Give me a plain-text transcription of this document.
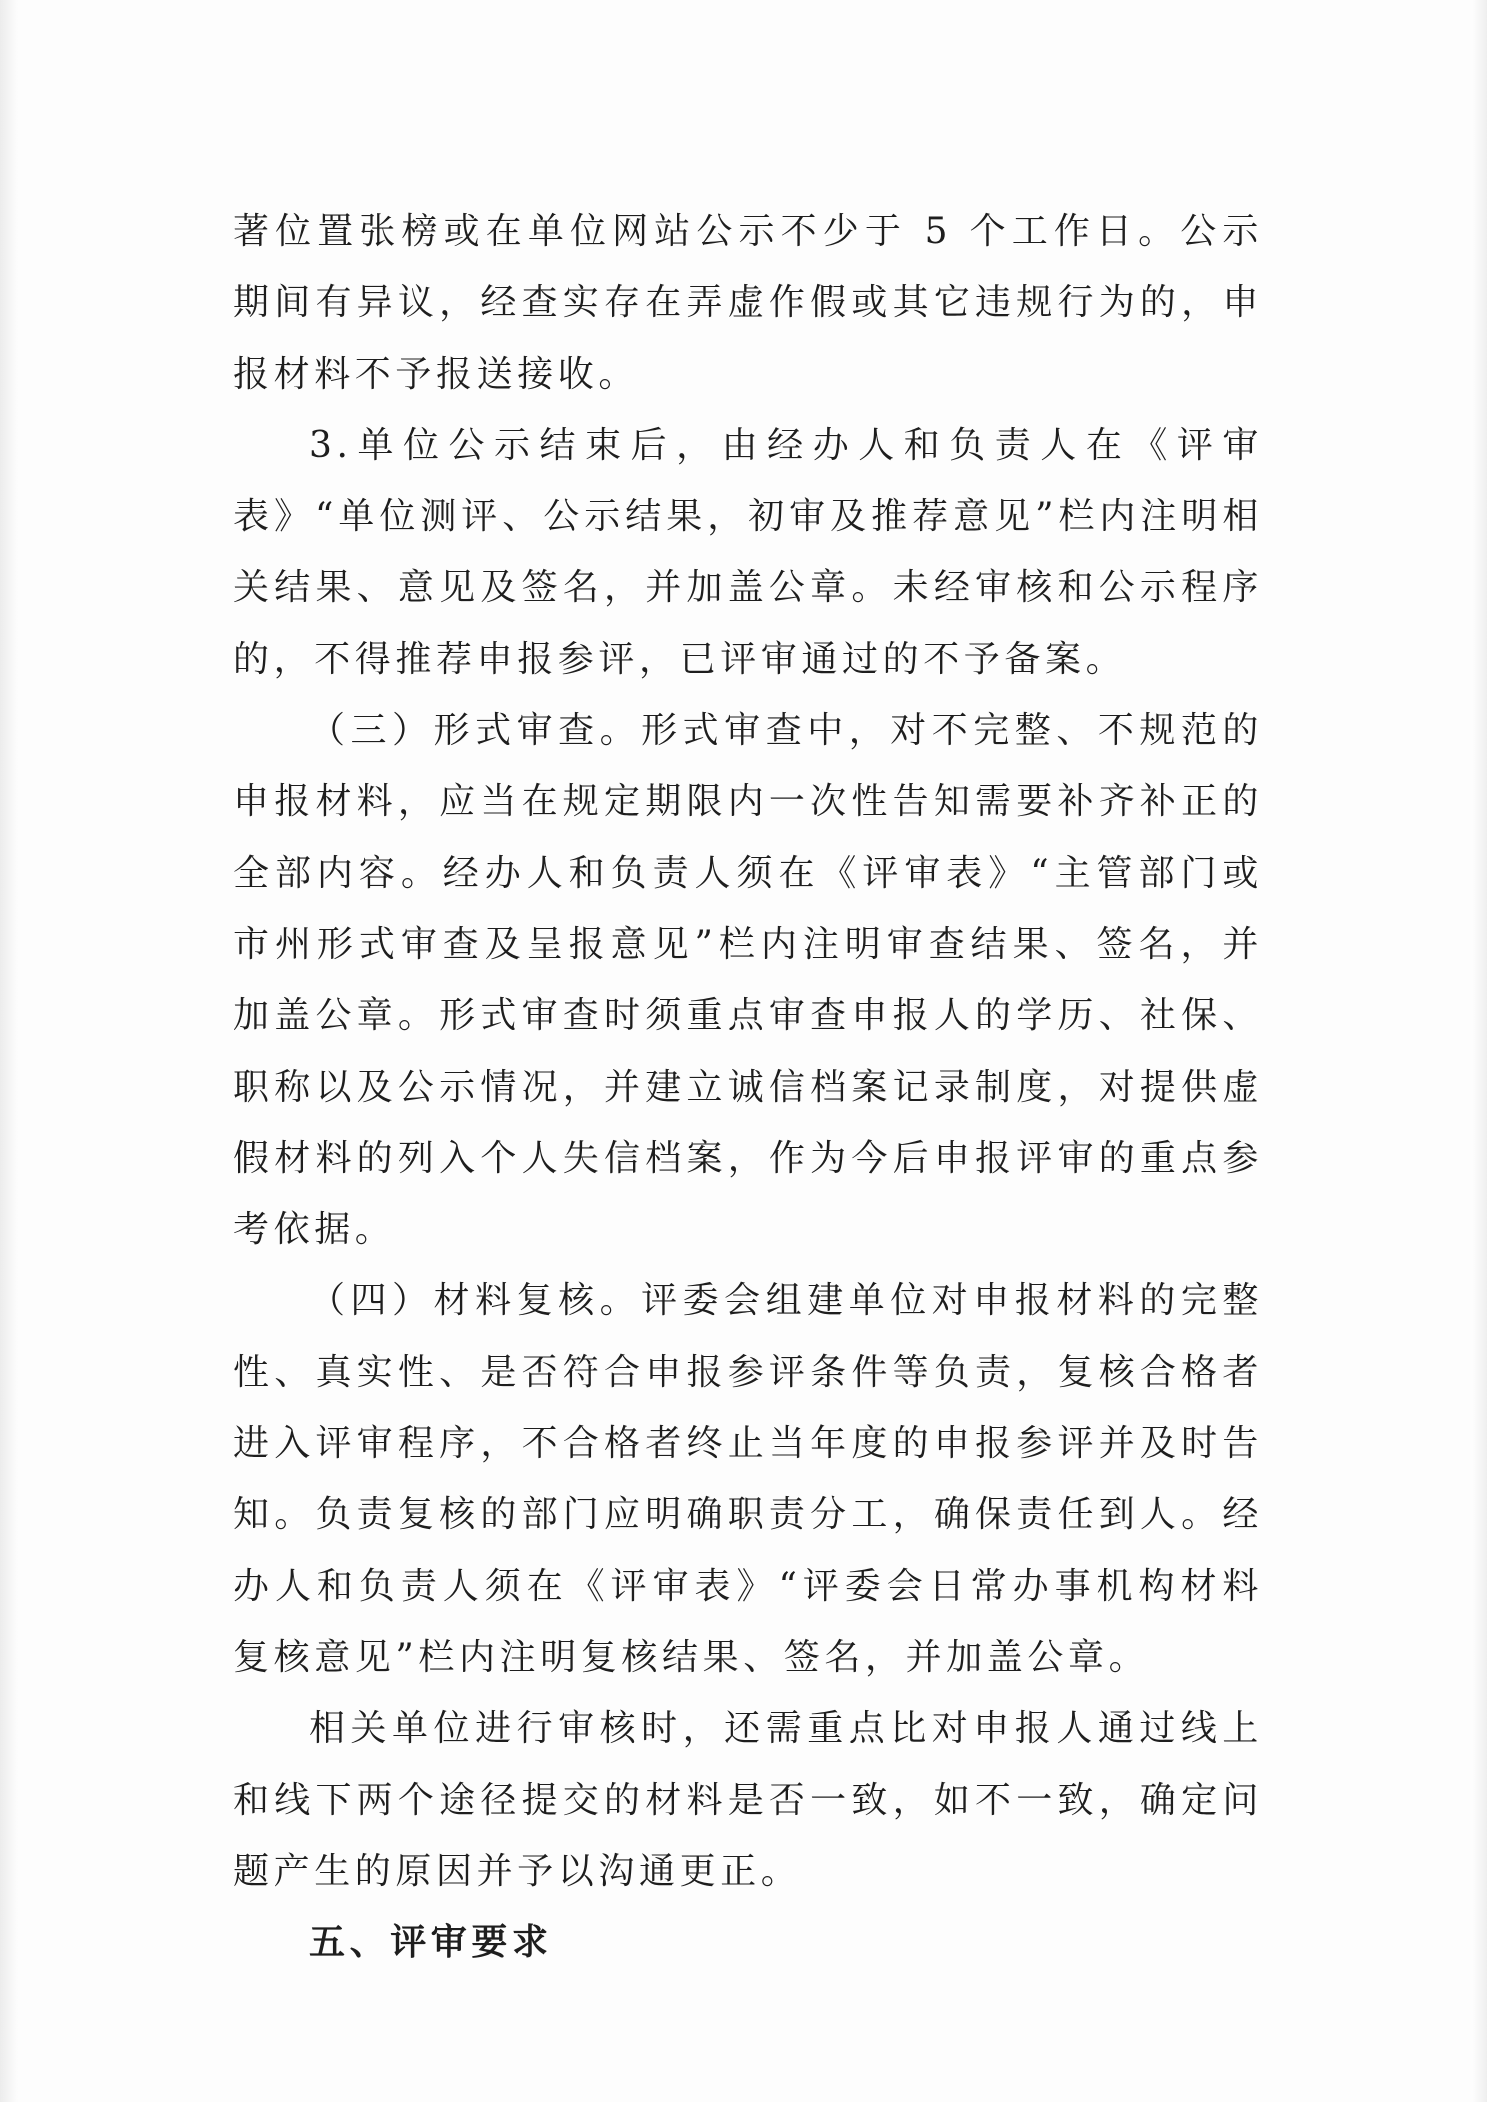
著位置张榜或在单位网站公示不少于 5 个工作日。公示期间有异议，经查实存在弄虚作假或其它违规行为的，申报材料不予报送接收。

3.单位公示结束后，由经办人和负责人在《评审表》“单位测评、公示结果，初审及推荐意见”栏内注明相关结果、意见及签名，并加盖公章。未经审核和公示程序的，不得推荐申报参评，已评审通过的不予备案。

（三）形式审查。形式审查中，对不完整、不规范的申报材料，应当在规定期限内一次性告知需要补齐补正的全部内容。经办人和负责人须在《评审表》“主管部门或市州形式审查及呈报意见”栏内注明审查结果、签名，并加盖公章。形式审查时须重点审查申报人的学历、社保、职称以及公示情况，并建立诚信档案记录制度，对提供虚假材料的列入个人失信档案，作为今后申报评审的重点参考依据。

（四）材料复核。评委会组建单位对申报材料的完整性、真实性、是否符合申报参评条件等负责，复核合格者进入评审程序，不合格者终止当年度的申报参评并及时告知。负责复核的部门应明确职责分工，确保责任到人。经办人和负责人须在《评审表》“评委会日常办事机构材料复核意见”栏内注明复核结果、签名，并加盖公章。

相关单位进行审核时，还需重点比对申报人通过线上和线下两个途径提交的材料是否一致，如不一致，确定问题产生的原因并予以沟通更正。

五、评审要求
